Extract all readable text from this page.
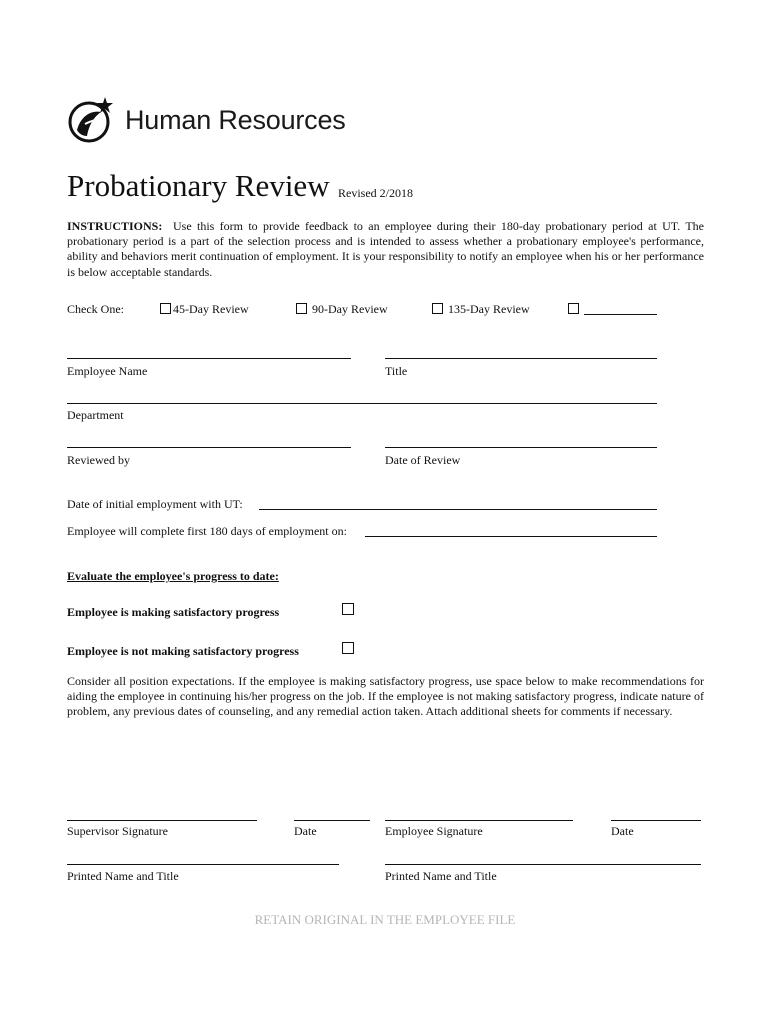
Human Resources
Probationary Review Revised 2/2018
INSTRUCTIONS: Use this form to provide feedback to an employee during their 180-day probationary period at UT. The probationary period is a part of the selection process and is intended to assess whether a probationary employee's performance, ability and behaviors merit continuation of employment. It is your responsibility to notify an employee when his or her performance is below acceptable standards.
Check One:	45-Day Review	90-Day Review	135-Day Review
Employee Name	Title
Department
Reviewed by	Date of Review
Date of initial employment with UT:
Employee will complete first 180 days of employment on:
Evaluate the employee's progress to date:
Employee is making satisfactory progress
Employee is not making satisfactory progress
Consider all position expectations. If the employee is making satisfactory progress, use space below to make recommendations for aiding the employee in continuing his/her progress on the job. If the employee is not making satisfactory progress, indicate nature of problem, any previous dates of counseling, and any remedial action taken. Attach additional sheets for comments if necessary.
Supervisor Signature	Date	Employee Signature	Date
Printed Name and Title	Printed Name and Title
RETAIN ORIGINAL IN THE EMPLOYEE FILE
